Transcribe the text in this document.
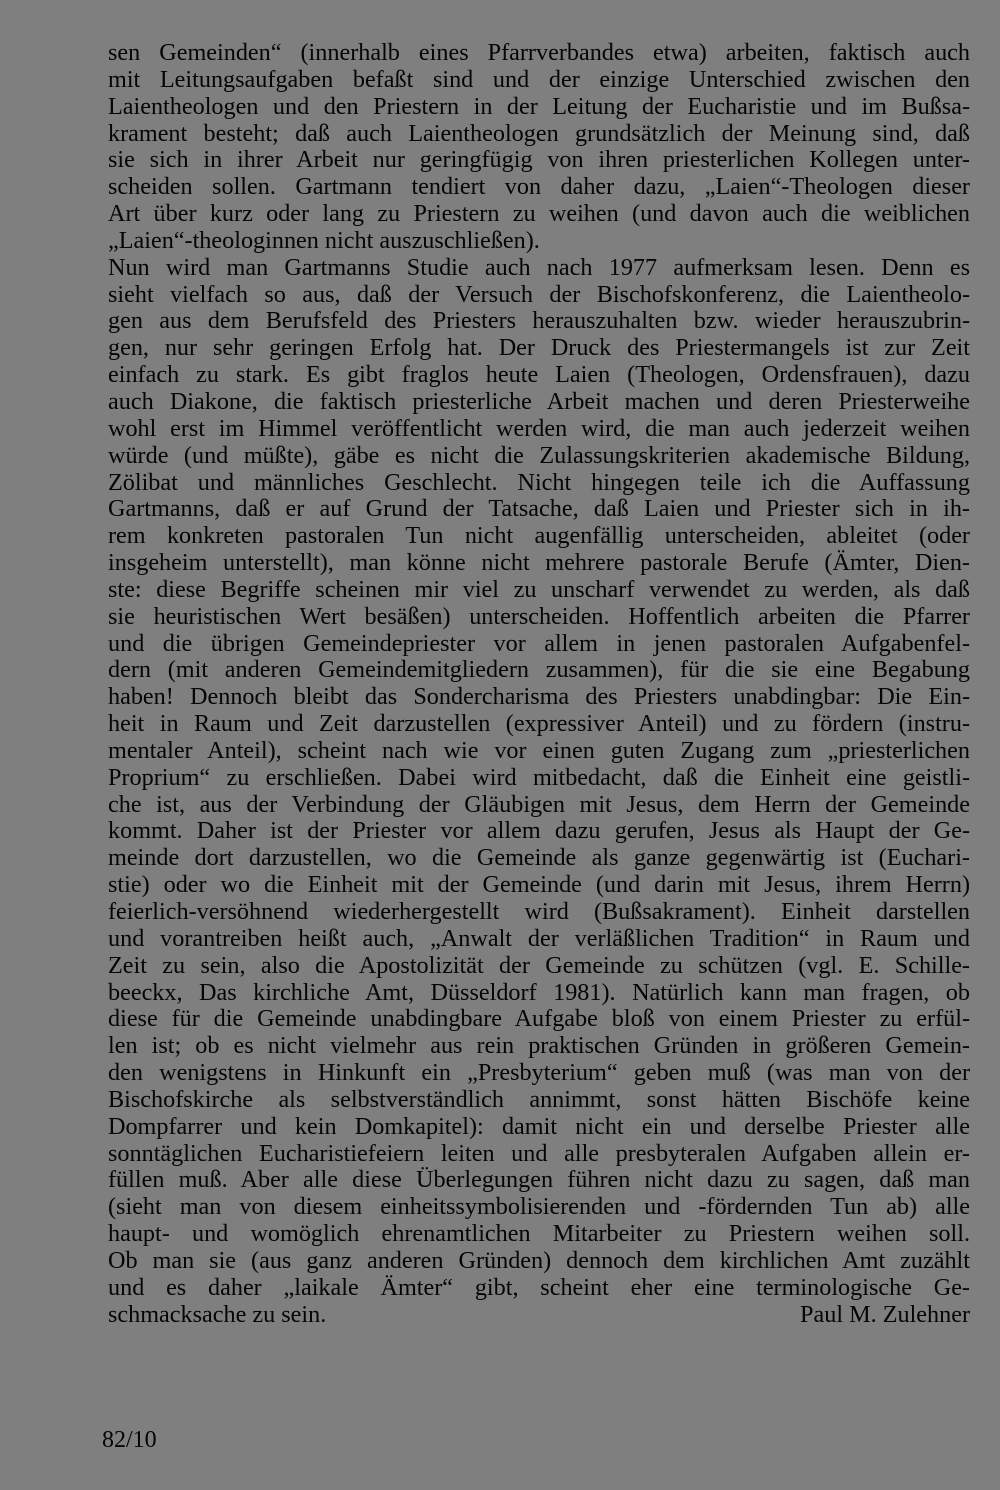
sen Gemeinden“ (innerhalb eines Pfarrverbandes etwa) arbeiten, faktisch auch
mit Leitungsaufgaben befaßt sind und der einzige Unterschied zwischen den
Laientheologen und den Priestern in der Leitung der Eucharistie und im Bußsa-
krament besteht; daß auch Laientheologen grundsätzlich der Meinung sind, daß
sie sich in ihrer Arbeit nur geringfügig von ihren priesterlichen Kollegen unter-
scheiden sollen. Gartmann tendiert von daher dazu, „Laien“-Theologen dieser
Art über kurz oder lang zu Priestern zu weihen (und davon auch die weiblichen
„Laien“-theologinnen nicht auszuschließen).
Nun wird man Gartmanns Studie auch nach 1977 aufmerksam lesen. Denn es
sieht vielfach so aus, daß der Versuch der Bischofskonferenz, die Laientheolo-
gen aus dem Berufsfeld des Priesters herauszuhalten bzw. wieder herauszubrin-
gen, nur sehr geringen Erfolg hat. Der Druck des Priestermangels ist zur Zeit
einfach zu stark. Es gibt fraglos heute Laien (Theologen, Ordensfrauen), dazu
auch Diakone, die faktisch priesterliche Arbeit machen und deren Priesterweihe
wohl erst im Himmel veröffentlicht werden wird, die man auch jederzeit weihen
würde (und müßte), gäbe es nicht die Zulassungskriterien akademische Bildung,
Zölibat und männliches Geschlecht. Nicht hingegen teile ich die Auffassung
Gartmanns, daß er auf Grund der Tatsache, daß Laien und Priester sich in ih-
rem konkreten pastoralen Tun nicht augenfällig unterscheiden, ableitet (oder
insgeheim unterstellt), man könne nicht mehrere pastorale Berufe (Ämter, Dien-
ste: diese Begriffe scheinen mir viel zu unscharf verwendet zu werden, als daß
sie heuristischen Wert besäßen) unterscheiden. Hoffentlich arbeiten die Pfarrer
und die übrigen Gemeindepriester vor allem in jenen pastoralen Aufgabenfel-
dern (mit anderen Gemeindemitgliedern zusammen), für die sie eine Begabung
haben! Dennoch bleibt das Sondercharisma des Priesters unabdingbar: Die Ein-
heit in Raum und Zeit darzustellen (expressiver Anteil) und zu fördern (instru-
mentaler Anteil), scheint nach wie vor einen guten Zugang zum „priesterlichen
Proprium“ zu erschließen. Dabei wird mitbedacht, daß die Einheit eine geistli-
che ist, aus der Verbindung der Gläubigen mit Jesus, dem Herrn der Gemeinde
kommt. Daher ist der Priester vor allem dazu gerufen, Jesus als Haupt der Ge-
meinde dort darzustellen, wo die Gemeinde als ganze gegenwärtig ist (Euchari-
stie) oder wo die Einheit mit der Gemeinde (und darin mit Jesus, ihrem Herrn)
feierlich-versöhnend wiederhergestellt wird (Bußsakrament). Einheit darstellen
und vorantreiben heißt auch, „Anwalt der verläßlichen Tradition“ in Raum und
Zeit zu sein, also die Apostolizität der Gemeinde zu schützen (vgl. E. Schille-
beeckx, Das kirchliche Amt, Düsseldorf 1981). Natürlich kann man fragen, ob
diese für die Gemeinde unabdingbare Aufgabe bloß von einem Priester zu erfül-
len ist; ob es nicht vielmehr aus rein praktischen Gründen in größeren Gemein-
den wenigstens in Hinkunft ein „Presbyterium“ geben muß (was man von der
Bischofskirche als selbstverständlich annimmt, sonst hätten Bischöfe keine
Dompfarrer und kein Domkapitel): damit nicht ein und derselbe Priester alle
sonntäglichen Eucharistiefeiern leiten und alle presbyteralen Aufgaben allein er-
füllen muß. Aber alle diese Überlegungen führen nicht dazu zu sagen, daß man
(sieht man von diesem einheitssymbolisierenden und -fördernden Tun ab) alle
haupt- und womöglich ehrenamtlichen Mitarbeiter zu Priestern weihen soll.
Ob man sie (aus ganz anderen Gründen) dennoch dem kirchlichen Amt zuzählt
und es daher „laikale Ämter“ gibt, scheint eher eine terminologische Ge-
schmacksache zu sein.	Paul M. Zulehner
82/10
